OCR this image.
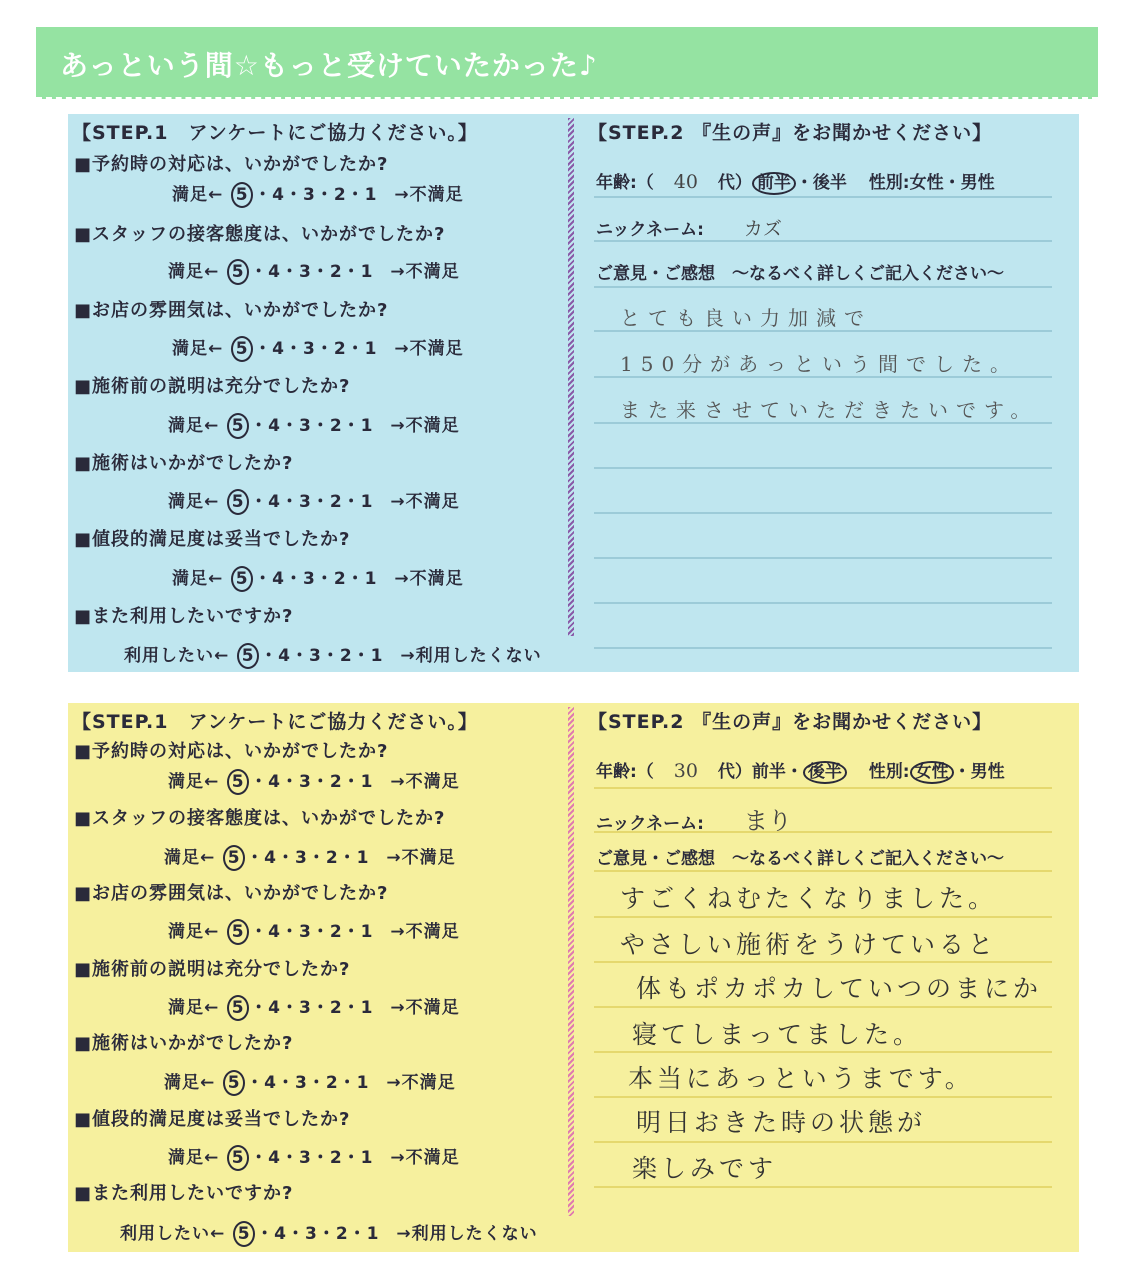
あっという間☆もっと受けていたかった♪
【STEP.1　アンケートにご協力ください。】
■予約時の対応は、いかがでしたか?
満足← 5 ・4・3・2・1 →不満足
■スタッフの接客態度は、いかがでしたか?
満足← 5 ・4・3・2・1 →不満足
■お店の雰囲気は、いかがでしたか?
満足← 5 ・4・3・2・1 →不満足
■施術前の説明は充分でしたか?
満足← 5 ・4・3・2・1 →不満足
■施術はいかがでしたか?
満足← 5 ・4・3・2・1 →不満足
■値段的満足度は妥当でしたか?
満足← 5 ・4・3・2・1 →不満足
■また利用したいですか?
利用したい← 5 ・4・3・2・1 →利用したくない
【STEP.2 『生の声』をお聞かせください】
年齢:（ 40 代） 前半 ・後半 性別:女性・男性
ニックネーム: カズ
ご意見・ご感想　〜なるべく詳しくご記入ください〜
とても良い力加減で
150分があっという間でした。
また来させていただきたいです。
【STEP.1　アンケートにご協力ください。】
■予約時の対応は、いかがでしたか?
満足← 5 ・4・3・2・1 →不満足
■スタッフの接客態度は、いかがでしたか?
満足← 5 ・4・3・2・1 →不満足
■お店の雰囲気は、いかがでしたか?
満足← 5 ・4・3・2・1 →不満足
■施術前の説明は充分でしたか?
満足← 5 ・4・3・2・1 →不満足
■施術はいかがでしたか?
満足← 5 ・4・3・2・1 →不満足
■値段的満足度は妥当でしたか?
満足← 5 ・4・3・2・1 →不満足
■また利用したいですか?
利用したい← 5 ・4・3・2・1 →利用したくない
【STEP.2 『生の声』をお聞かせください】
年齢:（ 30 代）前半・ 後半 性別: 女性 ・男性
ニックネーム: まり
ご意見・ご感想　〜なるべく詳しくご記入ください〜
すごくねむたくなりました。
やさしい施術をうけていると
体もポカポカしていつのまにか
寝てしまってました。
本当にあっというまです。
明日おきた時の状態が
楽しみです
